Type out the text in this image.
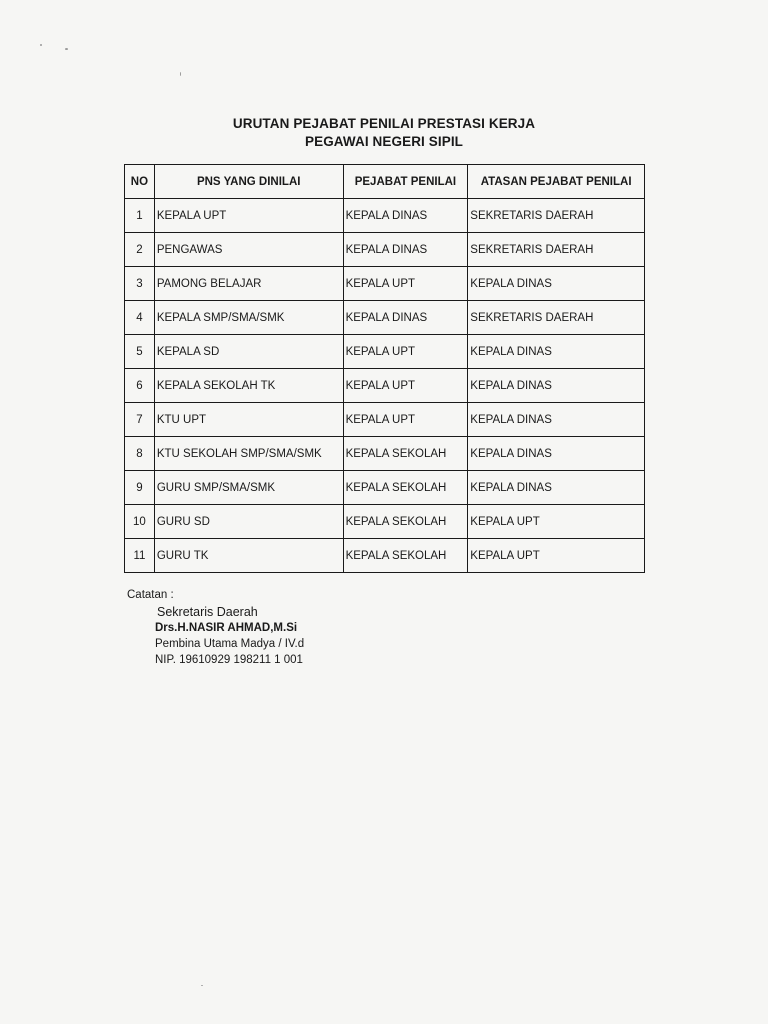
URUTAN PEJABAT PENILAI PRESTASI KERJA
PEGAWAI NEGERI SIPIL
NO	PNS YANG DINILAI	PEJABAT PENILAI	ATASAN PEJABAT PENILAI
1	KEPALA UPT	KEPALA DINAS	SEKRETARIS DAERAH
2	PENGAWAS	KEPALA DINAS	SEKRETARIS DAERAH
3	PAMONG BELAJAR	KEPALA UPT	KEPALA DINAS
4	KEPALA SMP/SMA/SMK	KEPALA DINAS	SEKRETARIS DAERAH
5	KEPALA SD	KEPALA UPT	KEPALA DINAS
6	KEPALA SEKOLAH TK	KEPALA UPT	KEPALA DINAS
7	KTU UPT	KEPALA UPT	KEPALA DINAS
8	KTU SEKOLAH SMP/SMA/SMK	KEPALA SEKOLAH	KEPALA DINAS
9	GURU SMP/SMA/SMK	KEPALA SEKOLAH	KEPALA DINAS
10	GURU SD	KEPALA SEKOLAH	KEPALA UPT
11	GURU TK	KEPALA SEKOLAH	KEPALA UPT
Catatan :
Sekretaris Daerah
Drs.H.NASIR AHMAD,M.Si
Pembina Utama Madya / IV.d
NIP. 19610929 198211 1 001
